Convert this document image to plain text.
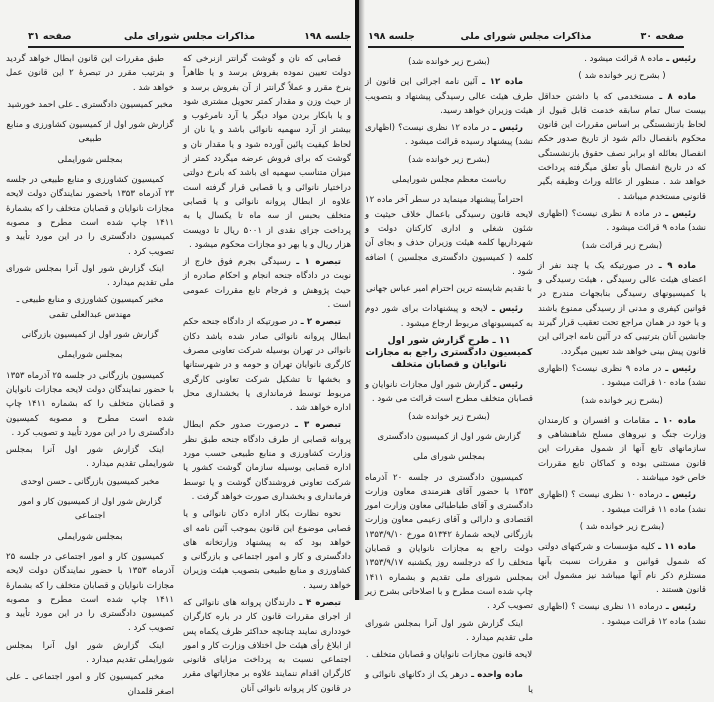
جلسه ۱۹۸
مذاکرات مجلس شورای ملی
صفحه ۳۱
قصابی که نان و گوشت گرانتر ازنرخی که دولت تعیین نموده بفروش برسد و یا ظاهراً بنرخ مقرر و عملاً گرانتر از آن بفروش برسد و از حیث وزن و مقدار کمتر تحویل مشتری شود و یا بابکار بردن مواد دیگر یا آرد نامرغوب و بیشتر از آرد سهمیه نانوائی باشد و یا نان از لحاظ کیفیت پائین آورده شود و یا مقدار نان و گوشت که برای فروش عرضه میگردد کمتر از میزان متناسب سهمیه ای باشد که بانرخ دولتی دراختیار نانوائی و یا قصابی قرار گرفته است علاوه از ابطال پروانه نانوائی و یا قصابی متخلف بحبس از سه ماه تا یکسال یا به پرداخت جزای نقدی از ۵۰۰۱ ریال تا دویست هزار ریال و یا بهر دو مجازات محکوم میشود .
تبصره ۱ ـ رسیدگی بجرم فوق خارج از نوبت در دادگاه جنحه انجام و احکام صادره از حیث پژوهش و فرجام تابع مقررات عمومی است .
تبصره ۲ ـ در صورتیکه از دادگاه جنحه حکم ابطال پروانه نانوائی صادر شده باشد دکان نانوائی در تهران بوسیله شرکت تعاونی مصرف کارگری نانوایان تهران و حومه و در شهرستانها و بخشها تا تشکیل شرکت تعاونی کارگری مربوط توسط فرمانداری یا بخشداری محل اداره خواهد شد .
تبصره ۳ ـ درصورت صدور حکم ابطال پروانه قصابی از طرف دادگاه جنحه طبق نظر وزارت کشاورزی و منابع طبیعی حسب مورد اداره قصابی بوسیله سازمان گوشت کشور یا شرکت تعاونی فروشندگان گوشت و یا توسط فرمانداری و بخشداری صورت خواهد گرفت .
نحوه نظارت بکار اداره دکان نانوائی و یا قصابی موضوع این قانون بموجب آئین نامه ای خواهد بود که به پیشنهاد وزارتخانه های دادگستری و کار و امور اجتماعی و بازرگانی و کشاورزی و منابع طبیعی بتصویب هیئت وزیران خواهد رسید .
تبصره ۴ ـ دارندگان پروانه های نانوائی که از اجرای مقررات قانون کار در باره کارگران خودداری نمایند چنانچه حداکثر ظرف یکماه پس از ابلاغ رأی هیئت حل اختلاف وزارت کار و امور اجتماعی نسبت به پرداخت مزایای قانونی کارگران اقدام ننمایند علاوه بر مجازاتهای مقرر در قانون کار پروانه نانوائی آنان
طبق مقررات این قانون ابطال خواهد گردید و بترتیب مقرر در تبصرهٔ ۲ این قانون عمل خواهد شد .
مخبر کمیسیون دادگستری ـ علی احمد خورشید
گزارش شور اول از کمیسیون کشاورزی و منابع طبیعی
بمجلس شورایملی
کمیسیون کشاورزی و منابع طبیعی در جلسه ۲۳ آذرماه ۱۳۵۳ باحضور نمایندگان دولت لایحه مجازات نانوایان و قصابان متخلف را که بشمارهٔ ۱۴۱۱ چاپ شده است مطرح و مصوبه کمیسیون دادگستری را در این مورد تأیید و تصویب کرد .
اینک گزارش شور اول آنرا بمجلس شورای ملی تقدیم میدارد .
مخبر کمیسیون کشاورزی و منابع طبیعی ـ مهندس عبدالعلی تقمی
گزارش شور اول از کمیسیون بازرگانی
بمجلس شورایملی
کمیسیون بازرگانی در جلسه ۲۵ آذرماه ۱۳۵۳ با حضور نمایندگان دولت لایحه مجازات نانوایان و قصابان متخلف را که بشماره ۱۴۱۱ چاپ شده است مطرح و مصوبه کمیسیون دادگستری را در این مورد تأیید و تصویب کرد .
اینک گزارش شور اول آنرا بمجلس شورایملی تقدیم میدارد .
مخبر کمیسیون بازرگانی ـ حسن اوحدی
گزارش شور اول از کمیسیون کار و امور اجتماعی
بمجلس شورایملی
کمیسیون کار و امور اجتماعی در جلسه ۲۵ آذرماه ۱۳۵۳ با حضور نمایندگان دولت لایحه مجازات نانوایان و قصابان متخلف را که بشمارهٔ ۱۴۱۱ چاپ شده است مطرح و مصوبه کمیسیون دادگستری را در این مورد تأیید و تصویب کرد .
اینک گزارش شور اول آنرا بمجلس شورایملی تقدیم میدارد .
مخبر کمیسیون کار و امور اجتماعی ـ علی اصغر قلمدان
صفحه ۳۰
مذاکرات مجلس شورای ملی
جلسه ۱۹۸
رئیس ـ ماده ۸ قرائت میشود .
( بشرح زیر خوانده شد )
ماده ۸ ـ مستخدمی که با داشتن حداقل بیست سال تمام سابقه خدمت قابل قبول از لحاظ بازنشستگی بر اساس مقررات این قانون محکوم بانفصال دائم شود از تاریخ صدور حکم انفصال بعائله او برابر نصف حقوق بازنشستگی که در تاریخ انفصال بأو تعلق میگرفته پرداخت خواهد شد . منظور از عائله وراث وظیفه بگیر قانونی مستخدم میباشد .
رئیس ـ در ماده ۸ نظری نیست؟ (اظهاری نشد) ماده ۹ قرائت میشود .
(بشرح زیر قرائت شد)
ماده ۹ ـ در صورتیکه یک یا چند نفر از اعضای هیئت عالی رسیدگی ، هیئت رسیدگی و یا کمیسیونهای رسیدگی بنابجهات مندرج در قوانین کیفری و مدنی از رسیدگی ممنوع باشند و یا خود در همان مراجع تحت تعقیب قرار گیرند جانشین آنان بترتیبی که در آئین نامه اجرائی این قانون پیش بینی خواهد شد تعیین میگردد.
رئیس ـ در ماده ۹ نظری نیست؟ (اظهاری نشد) ماده ۱۰ قرائت میشود .
(بشرح زیر خوانده شد)
ماده ۱۰ ـ مقامات و افسران و کارمندان وزارت جنگ و نیروهای مسلح شاهنشاهی و سازمانهای تابع آنها از شمول مقررات این قانون مستثنی بوده و کماکان تابع مقررات خاص خود میباشند .
رئیس ـ درماده ۱۰ نظری نیست ؟ (اظهاری نشد) ماده ۱۱ قرائت میشود .
(بشرح زیر خوانده شد )
ماده ۱۱ ـ کلیه مؤسسات و شرکتهای دولتی که شمول قوانین و مقررات نسبت بآنها مستلزم ذکر نام آنها میباشد نیز مشمول این قانون هستند .
رئیس ـ درماده ۱۱ نظری نیست ؟ (اظهاری نشد) ماده ۱۲ قرائت میشود .
(بشرح زیر خوانده شد)
ماده ۱۲ ـ آئین نامه اجرائی این قانون از طرف هیئت عالی رسیدگی پیشنهاد و بتصویب هیئت وزیران خواهد رسید.
رئیس ـ در ماده ۱۲ نظری نیست؟ (اظهاری نشد) پیشنهاد رسیده قرائت میشود .
(بشرح زیر خوانده شد)
ریاست معظم مجلس شورایملی
احتراماً پیشنهاد مینماید در سطر آخر ماده ۱۲ لایحه قانون رسیدگی باعمال خلاف حیثیت و شئون شغلی و اداری کارکنان دولت و شهرداریها کلمه هیئت وزیران حذف و بجای آن کلمه ( کمیسیون دادگستری مجلسین ) اضافه شود .
با تقدیم شایسته ترین احترام امیر عباس جهانی
رئیس ـ لایحه و پیشنهادات برای شور دوم به کمیسیونهای مربوط ارجاع میشود .
۱۱ ـ طرح گزارش شور اول کمیسیون دادگستری راجع به مجازات نانوایان و قصابان متخلف
رئیس ـ گزارش شور اول مجازات نانوایان و قصابان متخلف مطرح است قرائت می شود .
(بشرح زیر خوانده شد)
گزارش شور اول از کمیسیون دادگستری
بمجلس شورای ملی
کمیسیون دادگستری در جلسه ۲۰ آذرماه ۱۳۵۳ با حضور آقای هنرمندی معاون وزارت دادگستری و آقای طباطبائی معاون وزارت امور اقتصادی و دارائی و آقای زعیمی معاون وزارت بازرگانی لایحه شمارهٔ ۵۱۳۴۲ مورخ ۱۳۵۳/۹/۱۰ دولت راجع به مجازات نانوایان و قصابان متخلف را که درجلسه روز یکشنبه ۱۳۵۳/۹/۱۷ بمجلس شورای ملی تقدیم و بشماره ۱۴۱۱ چاپ شده است مطرح و با اصلاحاتی بشرح زیر تصویب کرد .
اینک گزارش شور اول آنرا بمجلس شورای ملی تقدیم میدارد .
لایحه قانون مجازات نانوایان و قصابان متخلف .
ماده واحده ـ درهر یک از دکانهای نانوائی و یا
